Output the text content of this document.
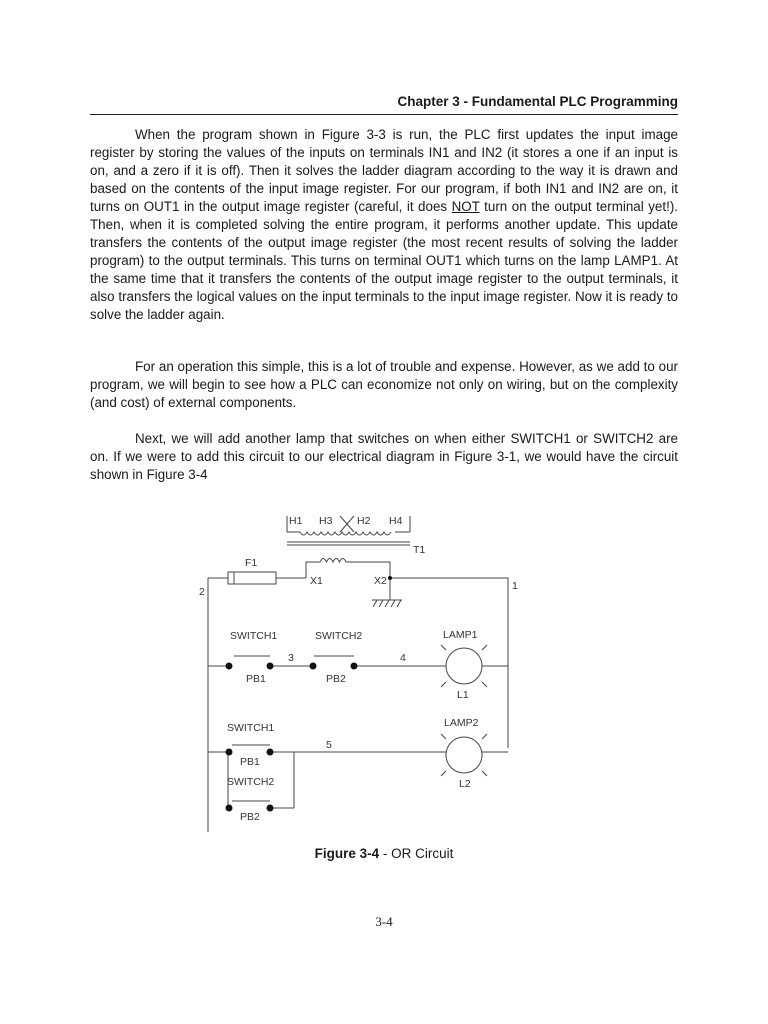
Chapter 3 - Fundamental PLC Programming

When the program shown in Figure 3-3 is run, the PLC first updates the input image register by storing the values of the inputs on terminals IN1 and IN2 (it stores a one if an input is on, and a zero if it is off). Then it solves the ladder diagram according to the way it is drawn and based on the contents of the input image register. For our program, if both IN1 and IN2 are on, it turns on OUT1 in the output image register (careful, it does NOT turn on the output terminal yet!). Then, when it is completed solving the entire program, it performs another update. This update transfers the contents of the output image register (the most recent results of solving the ladder program) to the output terminals. This turns on terminal OUT1 which turns on the lamp LAMP1. At the same time that it transfers the contents of the output image register to the output terminals, it also transfers the logical values on the input terminals to the input image register. Now it is ready to solve the ladder again.

For an operation this simple, this is a lot of trouble and expense. However, as we add to our program, we will begin to see how a PLC can economize not only on wiring, but on the complexity (and cost) of external components.

Next, we will add another lamp that switches on when either SWITCH1 or SWITCH2 are on. If we were to add this circuit to our electrical diagram in Figure 3-1, we would have the circuit shown in Figure 3-4

H1 H3 H2 H4
T1
F1
X1	X2
2	1
SWITCH1	SWITCH2
3	4
LAMP1
PB1	PB2
L1
SWITCH1	LAMP2
5
PB1
SWITCH2	L2
PB2
Figure 3-4 - OR Circuit
3-4
